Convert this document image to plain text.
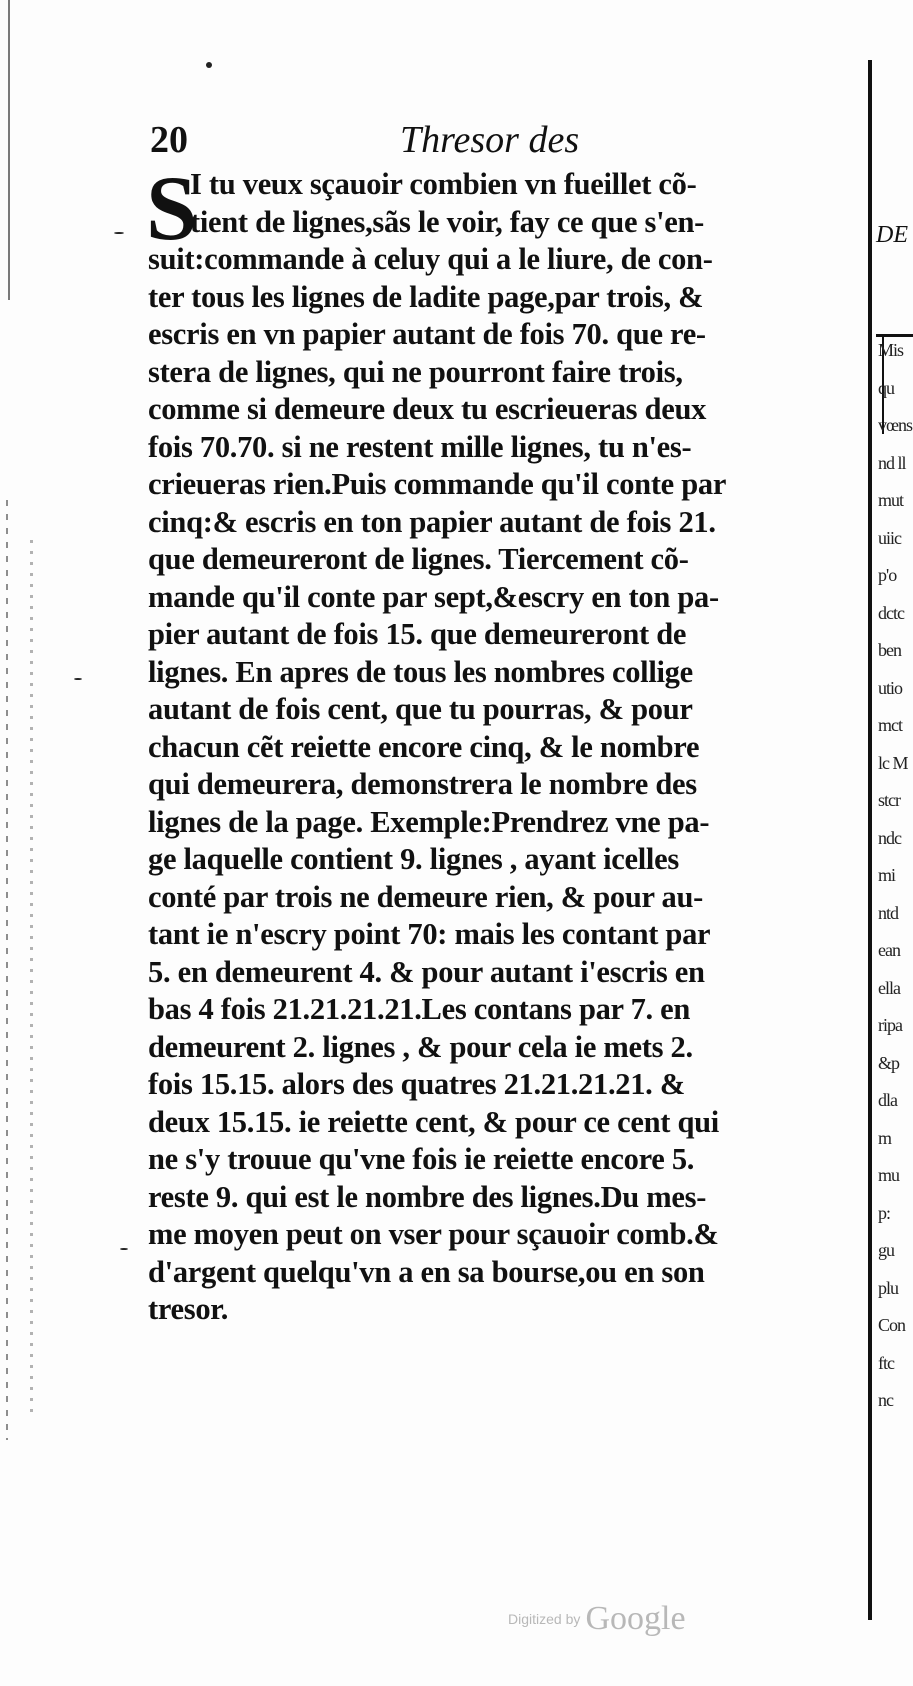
20	Thresor des
S
I tu veux sçauoir combien vn fueillet cõ-
tient de lignes,sãs le voir, fay ce que s'en-
suit:commande à celuy qui a le liure, de con-
ter tous les lignes de ladite page,par trois, &
escris en vn papier autant de fois 70. que re-
stera de lignes, qui ne pourront faire trois,
comme si demeure deux tu escrieueras deux
fois 70.70. si ne restent mille lignes, tu n'es-
crieueras rien.Puis commande qu'il conte par
cinq:& escris en ton papier autant de fois 21.
que demeureront de lignes. Tiercement cõ-
mande qu'il conte par sept,&escry en ton pa-
pier autant de fois 15. que demeureront de
lignes. En apres de tous les nombres collige
autant de fois cent, que tu pourras, & pour
chacun cẽt reiette encore cinq, & le nombre
qui demeurera, demonstrera le nombre des
lignes de la page. Exemple:Prendrez vne pa-
ge laquelle contient 9. lignes , ayant icelles
conté par trois ne demeure rien, & pour au-
tant ie n'escry point 70: mais les contant par
5. en demeurent 4. & pour autant i'escris en
bas 4 fois 21.21.21.21.Les contans par 7. en
demeurent 2. lignes , & pour cela ie mets 2.
fois 15.15. alors des quatres 21.21.21.21. &
deux 15.15. ie reiette cent, & pour ce cent qui
ne s'y trouue qu'vne fois ie reiette encore 5.
reste 9. qui est le nombre des lignes.Du mes-
me moyen peut on vser pour sçauoir comb.&
d'argent quelqu'vn a en sa bourse,ou en son
tresor.
DE
Mis
qu
vœns
nd ll
mut
uiic
p'o
dctc
ben
utio
mct
lc M
stcr
ndc
mi
ntd
ean
ella
ripa
&p
dla
m
mu
p:
gu
plu
Con
ftc
nc
Digitized by Google
